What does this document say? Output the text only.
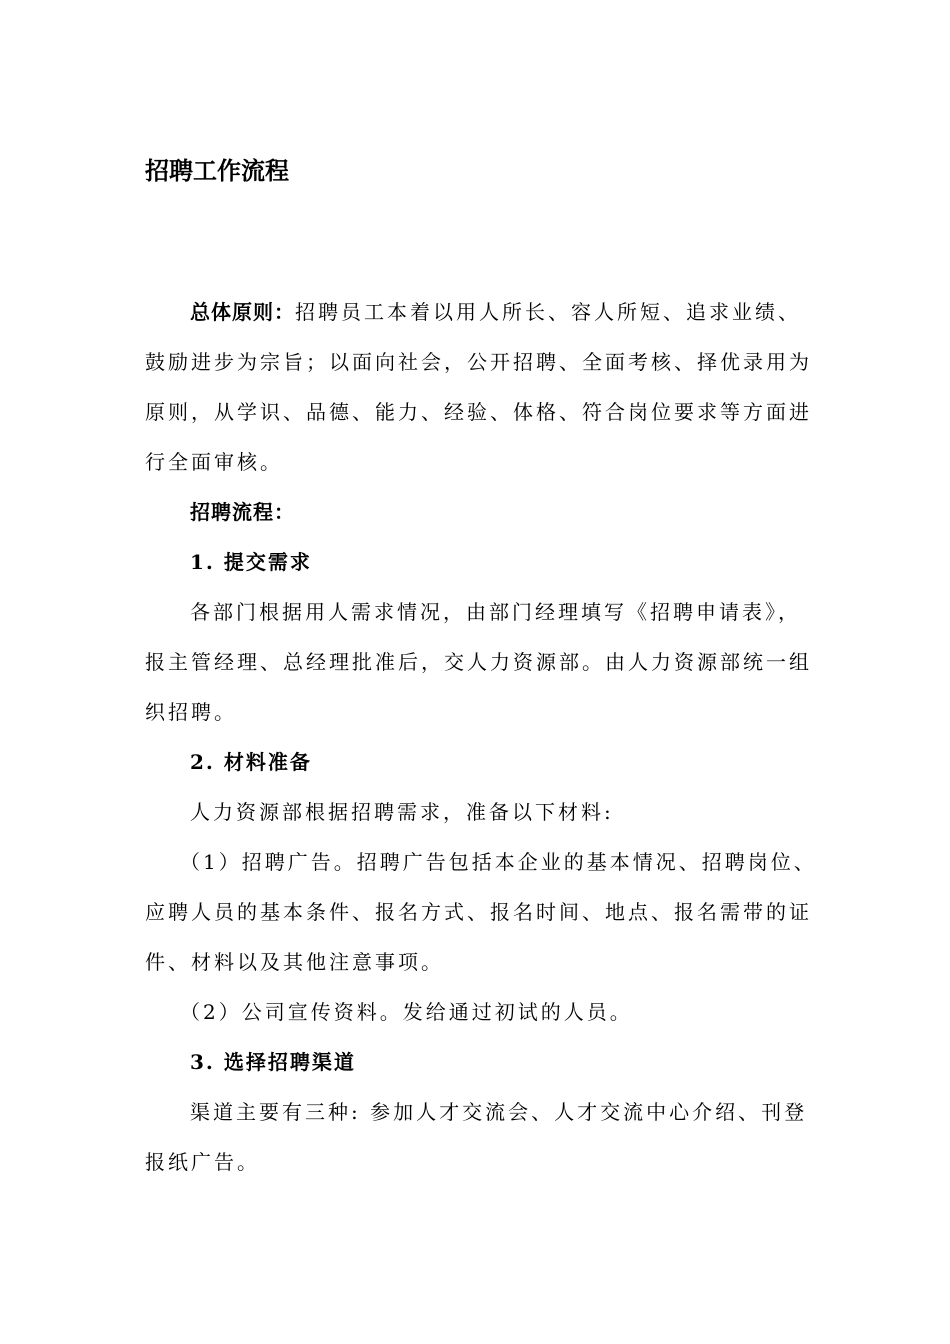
招聘工作流程
总体原则：招聘员工本着以用人所长、容人所短、追求业绩、
鼓励进步为宗旨；以面向社会，公开招聘、全面考核、择优录用为
原则，从学识、品德、能力、经验、体格、符合岗位要求等方面进
行全面审核。
招聘流程：
1. 提交需求
各部门根据用人需求情况，由部门经理填写《招聘申请表》，
报主管经理、总经理批准后，交人力资源部。由人力资源部统一组
织招聘。
2. 材料准备
人力资源部根据招聘需求，准备以下材料:
（1）招聘广告。招聘广告包括本企业的基本情况、招聘岗位、
应聘人员的基本条件、报名方式、报名时间、地点、报名需带的证
件、材料以及其他注意事项。
（2）公司宣传资料。发给通过初试的人员。
3. 选择招聘渠道
渠道主要有三种: 参加人才交流会、人才交流中心介绍、刊登
报纸广告。
